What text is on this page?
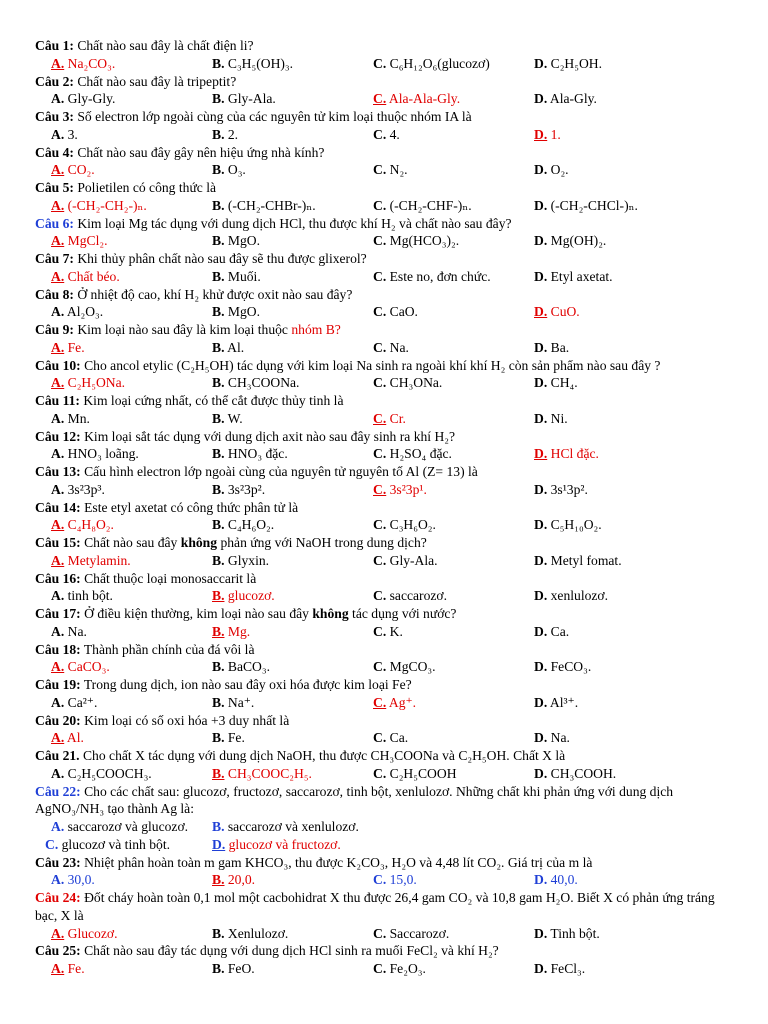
Câu 1: Chất nào sau đây là chất điện li?
A. Na₂CO₃.	B. C₃H₅(OH)₃.	C. C₆H₁₂O₆(glucozơ)	D. C₂H₅OH.
Câu 2: Chất nào sau đây là tripeptit?
A. Gly-Gly.	B. Gly-Ala.	C. Ala-Ala-Gly.	D. Ala-Gly.
Câu 3: Số electron lớp ngoài cùng của các nguyên tử kim loại thuộc nhóm IA là
A. 3.	B. 2.	C. 4.	D. 1.
Câu 4: Chất nào sau đây gây nên hiệu ứng nhà kính?
A. CO₂.	B. O₃.	C. N₂.	D. O₂.
Câu 5: Polietilen có công thức là
A. (-CH₂-CH₂-)ₙ.	B. (-CH₂-CHBr-)ₙ.	C. (-CH₂-CHF-)ₙ.	D. (-CH₂-CHCl-)ₙ.
Câu 6: Kim loại Mg tác dụng với dung dịch HCl, thu được khí H₂ và chất nào sau đây?
A. MgCl₂.	B. MgO.	C. Mg(HCO₃)₂.	D. Mg(OH)₂.
Câu 7: Khi thủy phân chất nào sau đây sẽ thu được glixerol?
A. Chất béo.	B. Muối.	C. Este no, đơn chức.	D. Etyl axetat.
Câu 8: Ở nhiệt độ cao, khí H₂ khử được oxit nào sau đây?
A. Al₂O₃.	B. MgO.	C. CaO.	D. CuO.
Câu 9: Kim loại nào sau đây là kim loại thuộc nhóm B?
A. Fe.	B. Al.	C. Na.	D. Ba.
Câu 10: Cho ancol etylic (C₂H₅OH) tác dụng với kim loại Na sinh ra ngoài khí khí H₂ còn sản phẩm nào sau đây ?
A. C₂H₅ONa.	B. CH₃COONa.	C. CH₃ONa.	D. CH₄.
Câu 11: Kim loại cứng nhất, có thể cắt được thủy tinh là
A. Mn.	B. W.	C. Cr.	D. Ni.
Câu 12: Kim loại sắt tác dụng với dung dịch axit nào sau đây sinh ra khí H₂?
A. HNO₃ loãng.	B. HNO₃ đặc.	C. H₂SO₄ đặc.	D. HCl đặc.
Câu 13: Cấu hình electron lớp ngoài cùng của nguyên tử nguyên tố Al (Z= 13) là
A. 3s²3p³.	B. 3s²3p².	C. 3s²3p¹.	D. 3s¹3p².
Câu 14: Este etyl axetat có công thức phân tử là
A. C₄H₈O₂.	B. C₄H₆O₂.	C. C₃H₆O₂.	D. C₅H₁₀O₂.
Câu 15: Chất nào sau đây không phản ứng với NaOH trong dung dịch?
A. Metylamin.	B. Glyxin.	C. Gly-Ala.	D. Metyl fomat.
Câu 16: Chất thuộc loại monosaccarit là
A. tinh bột.	B. glucozơ.	C. saccarozơ.	D. xenlulozơ.
Câu 17: Ở điều kiện thường, kim loại nào sau đây không tác dụng với nước?
A. Na.	B. Mg.	C. K.	D. Ca.
Câu 18: Thành phần chính của đá vôi là
A. CaCO₃.	B. BaCO₃.	C. MgCO₃.	D. FeCO₃.
Câu 19: Trong dung dịch, ion nào sau đây oxi hóa được kim loại Fe?
A. Ca²⁺.	B. Na⁺.	C. Ag⁺.	D. Al³⁺.
Câu 20: Kim loại có số oxi hóa +3 duy nhất là
A. Al.	B. Fe.	C. Ca.	D. Na.
Câu 21. Cho chất X tác dụng với dung dịch NaOH, thu được CH₃COONa và C₂H₅OH. Chất X là
A. C₂H₅COOCH₃.	B. CH₃COOC₂H₅.	C. C₂H₅COOH	D. CH₃COOH.
Câu 22: Cho các chất sau: glucozơ, fructozơ, saccarozơ, tinh bột, xenlulozơ. Những chất khi phản ứng với dung dịch AgNO₃/NH₃ tạo thành Ag là:
A. saccarozơ và glucozơ. B. saccarozơ và xenlulozơ.
C. glucozơ và tinh bột.	D. glucozơ và fructozơ.
Câu 23: Nhiệt phân hoàn toàn m gam KHCO₃, thu được K₂CO₃, H₂O và 4,48 lít CO₂. Giá trị của m là
A. 30,0.	B. 20,0.	C. 15,0.	D. 40,0.
Câu 24: Đốt cháy hoàn toàn 0,1 mol một cacbohidrat X thu được 26,4 gam CO₂ và 10,8 gam H₂O. Biết X có phản ứng tráng bạc, X là
A. Glucozơ.	B. Xenlulozơ.	C. Saccarozơ.	D. Tinh bột.
Câu 25: Chất nào sau đây tác dụng với dung dịch HCl sinh ra muối FeCl₂ và khí H₂?
A. Fe.	B. FeO.	C. Fe₂O₃.	D. FeCl₃.
